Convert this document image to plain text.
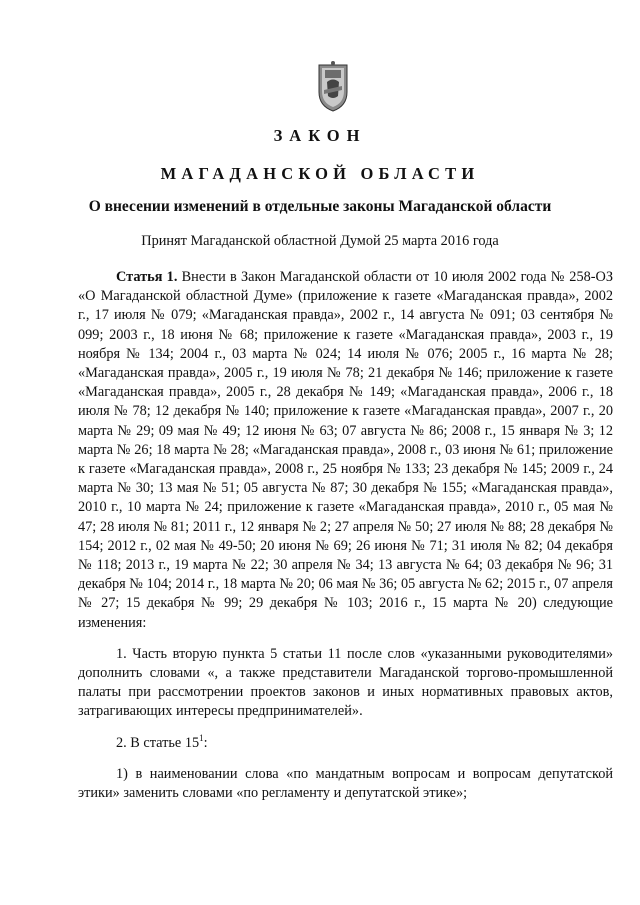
ЗАКОН
МАГАДАНСКОЙ ОБЛАСТИ
О внесении изменений в отдельные законы Магаданской области
Принят Магаданской областной Думой 25 марта 2016 года

Статья 1. Внести в Закон Магаданской области от 10 июля 2002 года № 258-ОЗ «О Магаданской областной Думе» (приложение к газете «Магаданская правда», 2002 г., 17 июля № 079; «Магаданская правда», 2002 г., 14 августа № 091; 03 сентября № 099; 2003 г., 18 июня № 68; приложение к газете «Магаданская правда», 2003 г., 19 ноября № 134; 2004 г., 03 марта № 024; 14 июля № 076; 2005 г., 16 марта № 28; «Магаданская правда», 2005 г., 19 июля № 78; 21 декабря № 146; приложение к газете «Магаданская правда», 2005 г., 28 декабря № 149; «Магаданская правда», 2006 г., 18 июля № 78; 12 декабря № 140; приложение к газете «Магаданская правда», 2007 г., 20 марта № 29; 09 мая № 49; 12 июня № 63; 07 августа № 86; 2008 г., 15 января № 3; 12 марта № 26; 18 марта № 28; «Магаданская правда», 2008 г., 03 июня № 61; приложение к газете «Магаданская правда», 2008 г., 25 ноября № 133; 23 декабря № 145; 2009 г., 24 марта № 30; 13 мая № 51; 05 августа № 87; 30 декабря № 155; «Магаданская правда», 2010 г., 10 марта № 24; приложение к газете «Магаданская правда», 2010 г., 05 мая № 47; 28 июля № 81; 2011 г., 12 января № 2; 27 апреля № 50; 27 июля № 88; 28 декабря № 154; 2012 г., 02 мая № 49-50; 20 июня № 69; 26 июня № 71; 31 июля № 82; 04 декабря № 118; 2013 г., 19 марта № 22; 30 апреля № 34; 13 августа № 64; 03 декабря № 96; 31 декабря № 104; 2014 г., 18 марта № 20; 06 мая № 36; 05 августа № 62; 2015 г., 07 апреля № 27; 15 декабря № 99; 29 декабря № 103; 2016 г., 15 марта № 20) следующие изменения:

1. Часть вторую пункта 5 статьи 11 после слов «указанными руководителями» дополнить словами «, а также представители Магаданской торгово-промышленной палаты при рассмотрении проектов законов и иных нормативных правовых актов, затрагивающих интересы предпринимателей».

2. В статье $15^1$:

1) в наименовании слова «по мандатным вопросам и вопросам депутатской этики» заменить словами «по регламенту и депутатской этике»;
